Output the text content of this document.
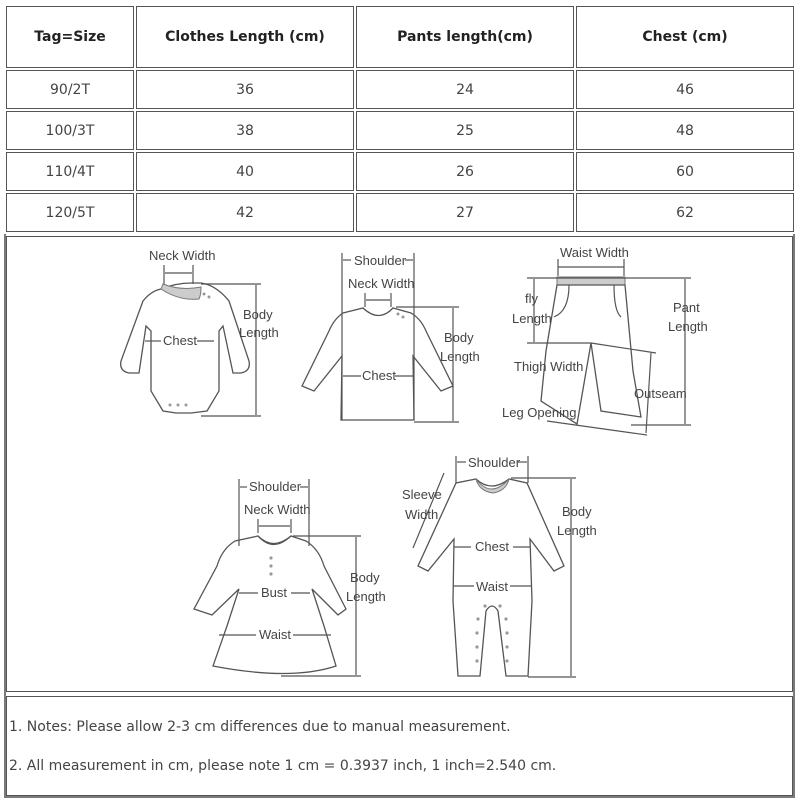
Tag=Size	Clothes Length (cm)	Pants length(cm)	Chest (cm)
90/2T	36	24	46
100/3T	38	25	48
110/4T	40	26	60
120/5T	42	27	62
Neck Width
Chest
Body
Length
Shoulder
Neck Width
Chest
Body
Length
fly
Length
Waist Width
Pant
Length
Thigh Width
Outseam
Leg Opening
Shoulder
Neck Width
Bust
Waist
Body
Length
Shoulder
Sleeve
Width
Chest
Waist
Body
Length
1. Notes: Please allow 2-3 cm differences due to manual measurement.
2. All measurement in cm, please note 1 cm = 0.3937 inch, 1 inch=2.540 cm.
